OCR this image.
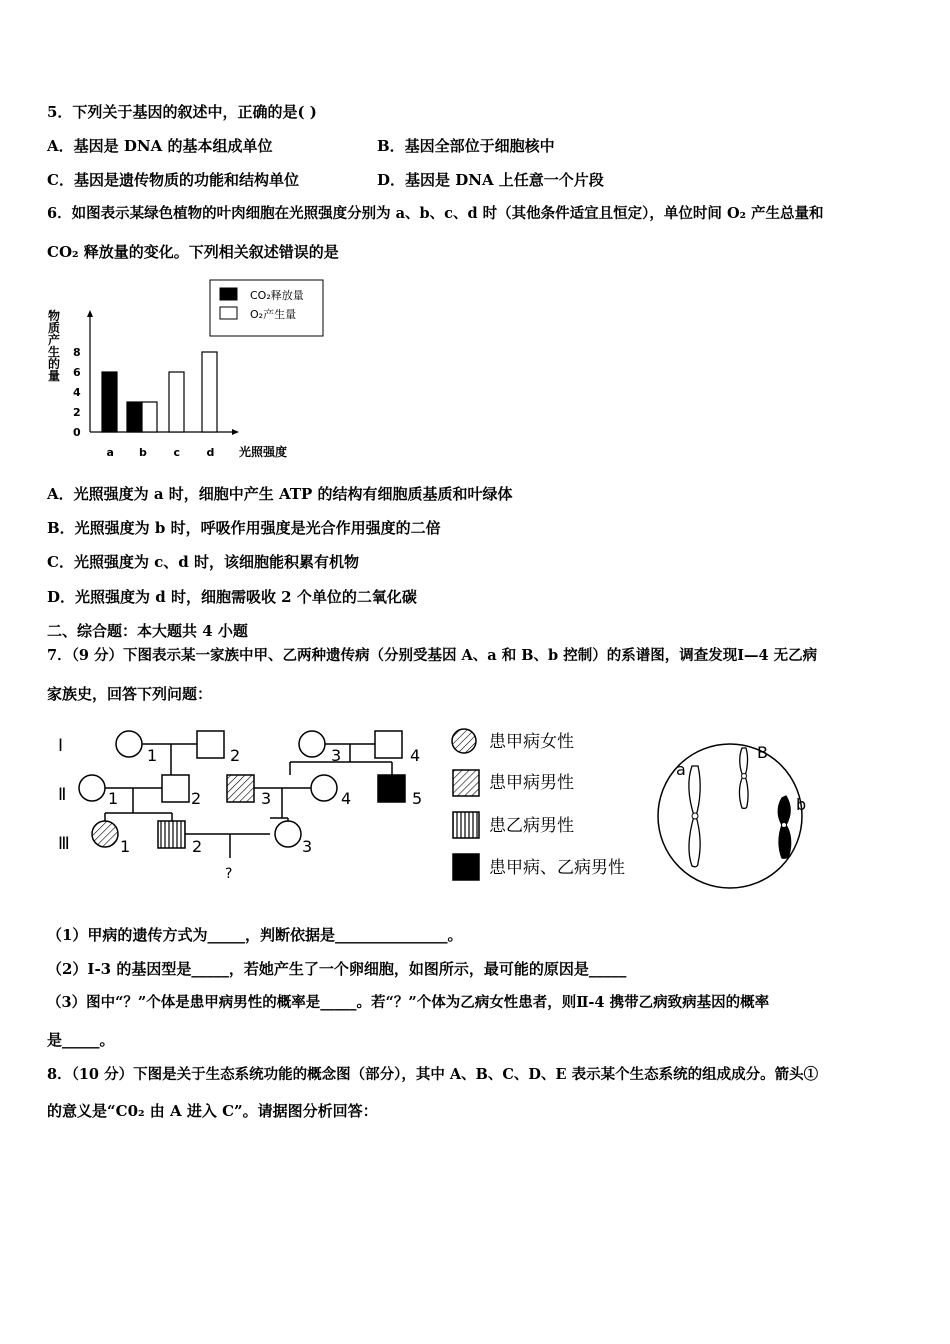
5．下列关于基因的叙述中，正确的是( )
A．基因是 DNA 的基本组成单位	B．基因全部位于细胞核中
C．基因是遗传物质的功能和结构单位	D．基因是 DNA 上任意一个片段
6．如图表示某绿色植物的叶肉细胞在光照强度分别为 a、b、c、d 时（其他条件适宜且恒定），单位时间 O₂ 产生总量和
CO₂ 释放量的变化。下列相关叙述错误的是
CO₂释放量
O₂产生量
物
质
产
生
的
量
光照强度
0
2
4
6
8
a b c d
A．光照强度为 a 时，细胞中产生 ATP 的结构有细胞质基质和叶绿体
B．光照强度为 b 时，呼吸作用强度是光合作用强度的二倍
C．光照强度为 c、d 时，该细胞能积累有机物
D．光照强度为 d 时，细胞需吸收 2 个单位的二氧化碳
二、综合题：本大题共 4 小题
7．（9 分）下图表示某一家族中甲、乙两种遗传病（分别受基因 A、a 和 B、b 控制）的系谱图，调查发现Ⅰ—4 无乙病
家族史，回答下列问题：
Ⅰ
Ⅱ
Ⅲ
1	2	3	4
1	2	3	4	5
1	2	3
?
患甲病女性
患甲病男性
患乙病男性
患甲病、乙病男性
a
B
b
（1）甲病的遗传方式为_____，判断依据是_______________。
（2）Ⅰ-3 的基因型是_____，若她产生了一个卵细胞，如图所示，最可能的原因是_____
（3）图中“？”个体是患甲病男性的概率是_____。若“？”个体为乙病女性患者，则Ⅱ-4 携带乙病致病基因的概率
是_____。
8．（10 分）下图是关于生态系统功能的概念图（部分），其中 A、B、C、D、E 表示某个生态系统的组成成分。箭头①
的意义是“C0₂ 由 A 进入 C”。请据图分析回答：
